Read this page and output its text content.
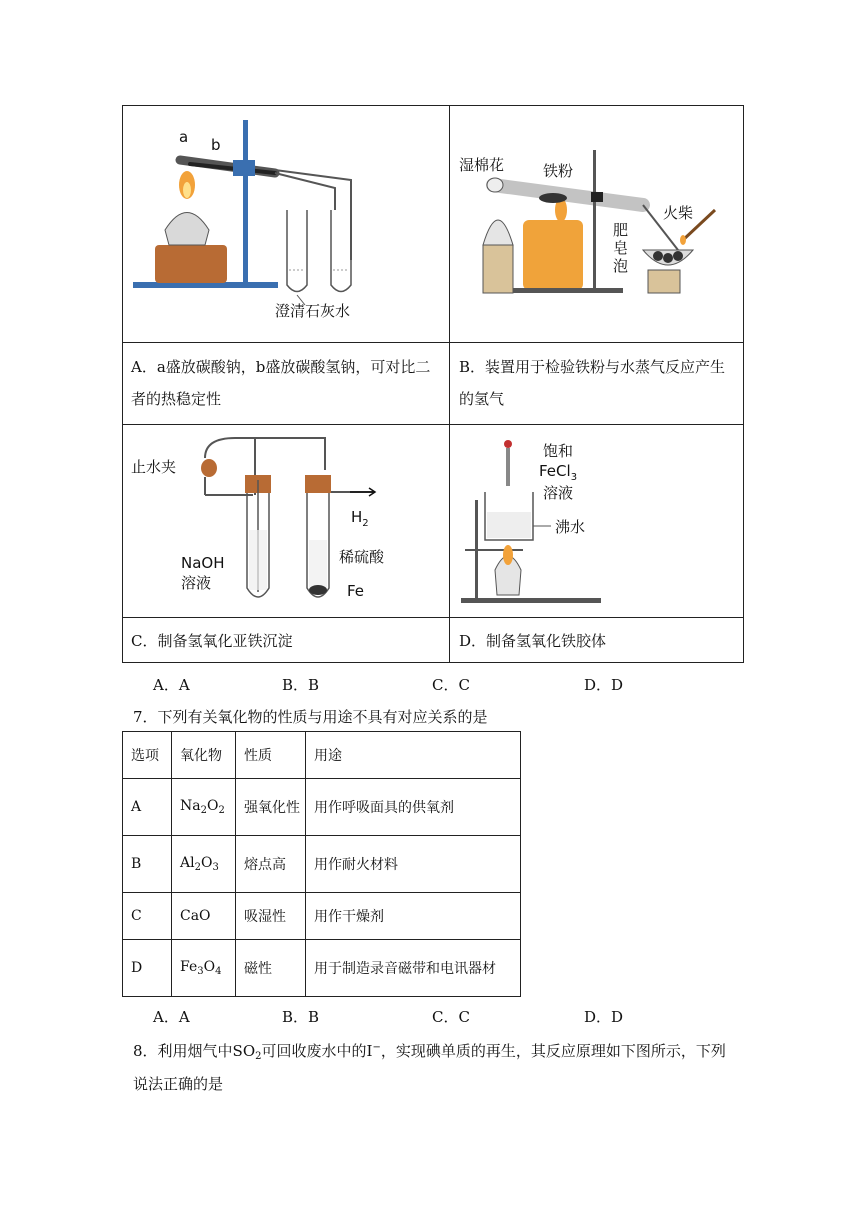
a b
澄清石灰水
湿棉花	铁粉
火柴
肥
皂
泡
A．a盛放碳酸钠，b盛放碳酸氢钠，可对比二者的热稳定性
B．装置用于检验铁粉与水蒸气反应产生的氢气
止水夹
$H_2$
稀硫酸
NaOH
溶液	Fe
饱和
FeCl$_3$
溶液
沸水
C．制备氢氧化亚铁沉淀	D．制备氢氧化铁胶体
A．A	B．B	C．C	D．D
7．下列有关氧化物的性质与用途不具有对应关系的是
选项	氧化物	性质	用途
A	$Na_2O_2$	强氧化性	用作呼吸面具的供氧剂
B	$Al_2O_3$	熔点高	用作耐火材料
C	CaO	吸湿性	用作干燥剂
D	$Fe_3O_4$	磁性	用于制造录音磁带和电讯器材
A．A	B．B	C．C	D．D
8．利用烟气中$SO_2$可回收废水中的I−，实现碘单质的再生，其反应原理如下图所示，下列
说法正确的是
